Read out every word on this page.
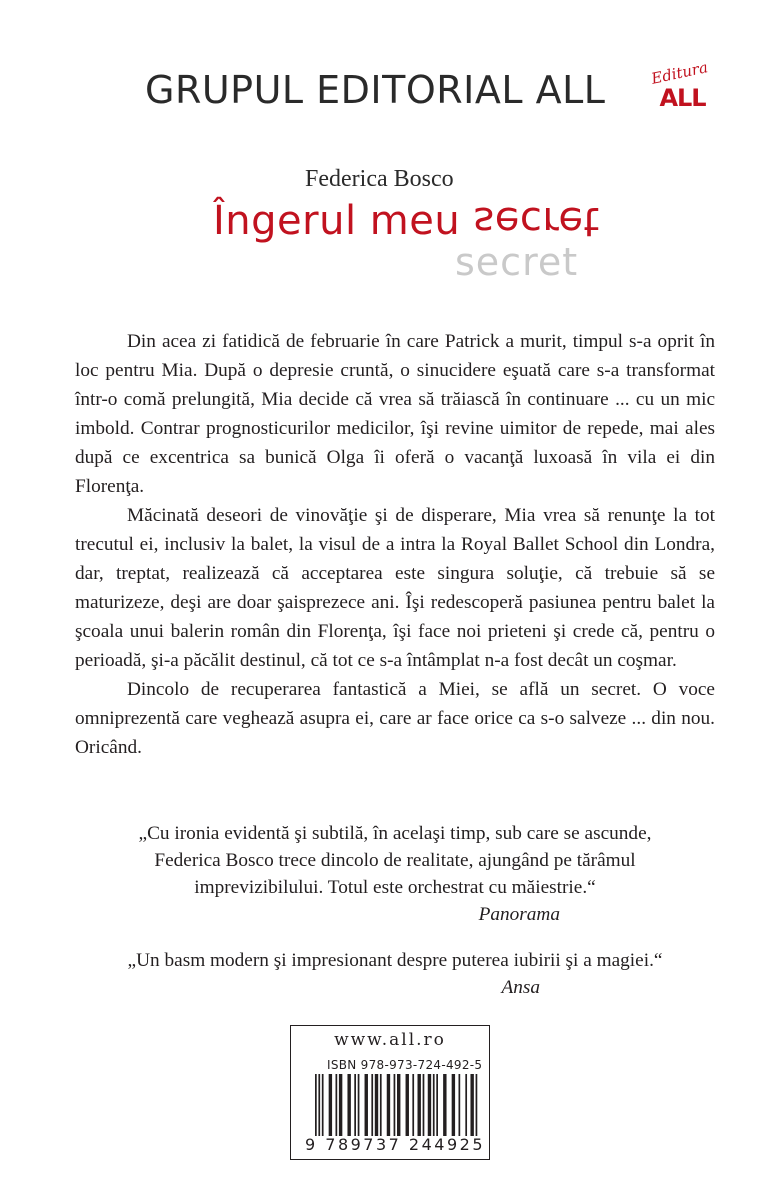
GRUPUL EDITORIAL ALL	Editura
ALL
Federica Bosco
Îngerul meu secret
secret

Din acea zi fatidică de februarie în care Patrick a murit, timpul s-a oprit în loc pentru Mia. După o depresie cruntă, o sinucidere eşuată care s-a transformat într-o comă prelungită, Mia decide că vrea să trăiască în continuare ... cu un mic imbold. Contrar prognosticurilor medicilor, îşi revine uimitor de repede, mai ales după ce excentrica sa bunică Olga îi oferă o vacanţă luxoasă în vila ei din Florenţa.

Măcinată deseori de vinovăţie şi de disperare, Mia vrea să renunţe la tot trecutul ei, inclusiv la balet, la visul de a intra la Royal Ballet School din Londra, dar, treptat, realizează că acceptarea este singura soluţie, că trebuie să se maturizeze, deşi are doar şaisprezece ani. Îşi redescoperă pasiunea pentru balet la şcoala unui balerin român din Florenţa, îşi face noi prieteni şi crede că, pentru o perioadă, şi-a păcălit destinul, că tot ce s-a întâmplat n-a fost decât un coşmar.

Dincolo de recuperarea fantastică a Miei, se află un secret. O voce omniprezentă care veghează asupra ei, care ar face orice ca s-o salveze ... din nou. Oricând.

„Cu ironia evidentă şi subtilă, în acelaşi timp, sub care se ascunde, Federica Bosco trece dincolo de realitate, ajungând pe tărâmul imprevizibilului. Totul este orchestrat cu măiestrie.“
Panorama
„Un basm modern şi impresionant despre puterea iubirii şi a magiei.“
Ansa
www.all.ro
ISBN 978-973-724-492-5
9 789737 244925
